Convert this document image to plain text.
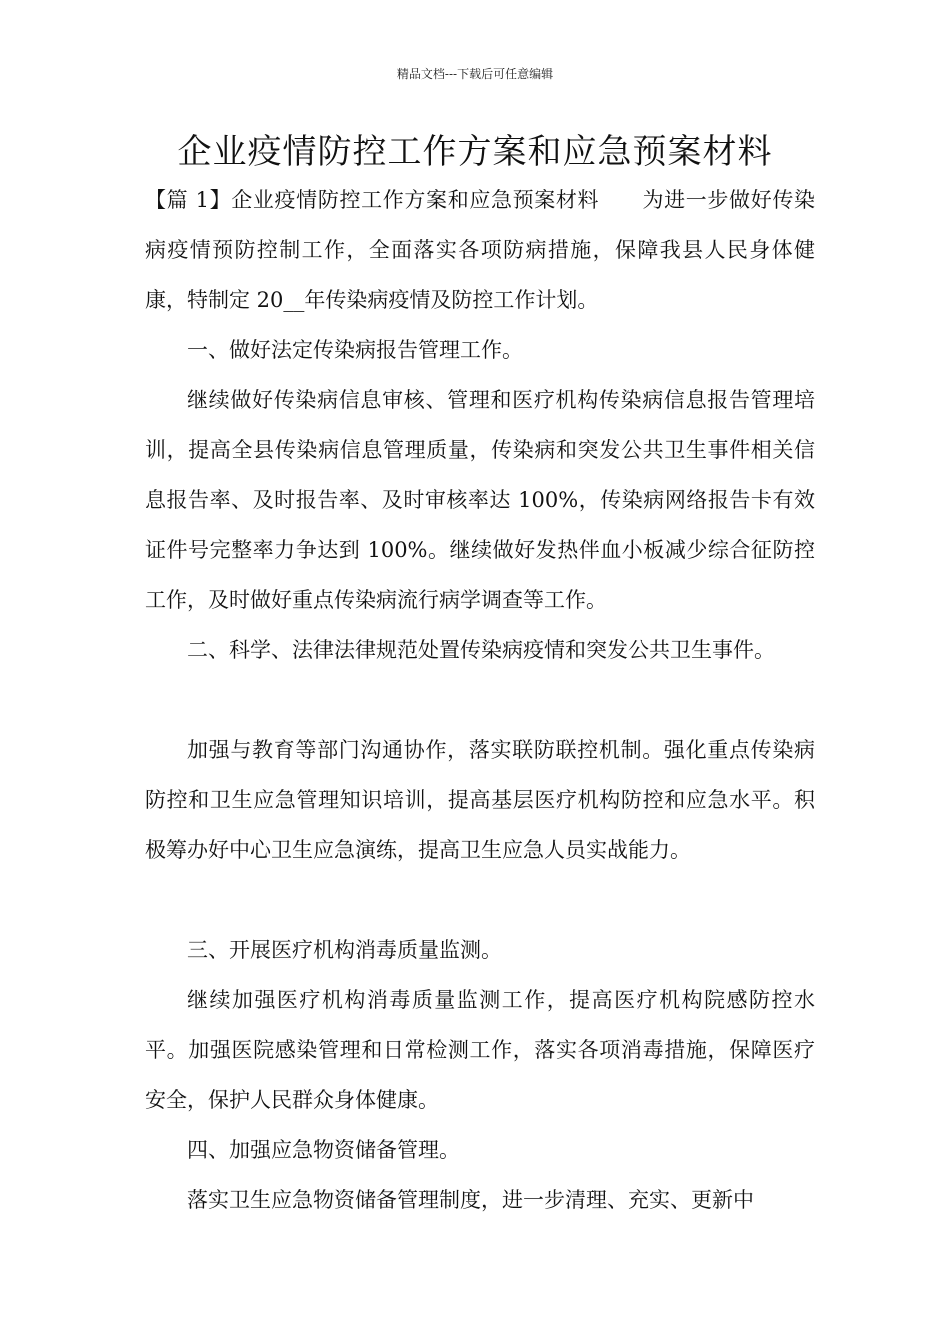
精品文档---下载后可任意编辑
企业疫情防控工作方案和应急预案材料

【篇 1】企业疫情防控工作方案和应急预案材料　　为进一步做好传染病疫情预防控制工作，全面落实各项防病措施，保障我县人民身体健康，特制定 20__年传染病疫情及防控工作计划。

一、做好法定传染病报告管理工作。

继续做好传染病信息审核、管理和医疗机构传染病信息报告管理培训，提高全县传染病信息管理质量，传染病和突发公共卫生事件相关信息报告率、及时报告率、及时审核率达 100%，传染病网络报告卡有效证件号完整率力争达到 100%。继续做好发热伴血小板减少综合征防控工作，及时做好重点传染病流行病学调查等工作。

二、科学、法律法律规范处置传染病疫情和突发公共卫生事件。

加强与教育等部门沟通协作，落实联防联控机制。强化重点传染病防控和卫生应急管理知识培训，提高基层医疗机构防控和应急水平。积极筹办好中心卫生应急演练，提高卫生应急人员实战能力。

三、开展医疗机构消毒质量监测。

继续加强医疗机构消毒质量监测工作，提高医疗机构院感防控水平。加强医院感染管理和日常检测工作，落实各项消毒措施，保障医疗安全，保护人民群众身体健康。

四、加强应急物资储备管理。

落实卫生应急物资储备管理制度，进一步清理、充实、更新中
